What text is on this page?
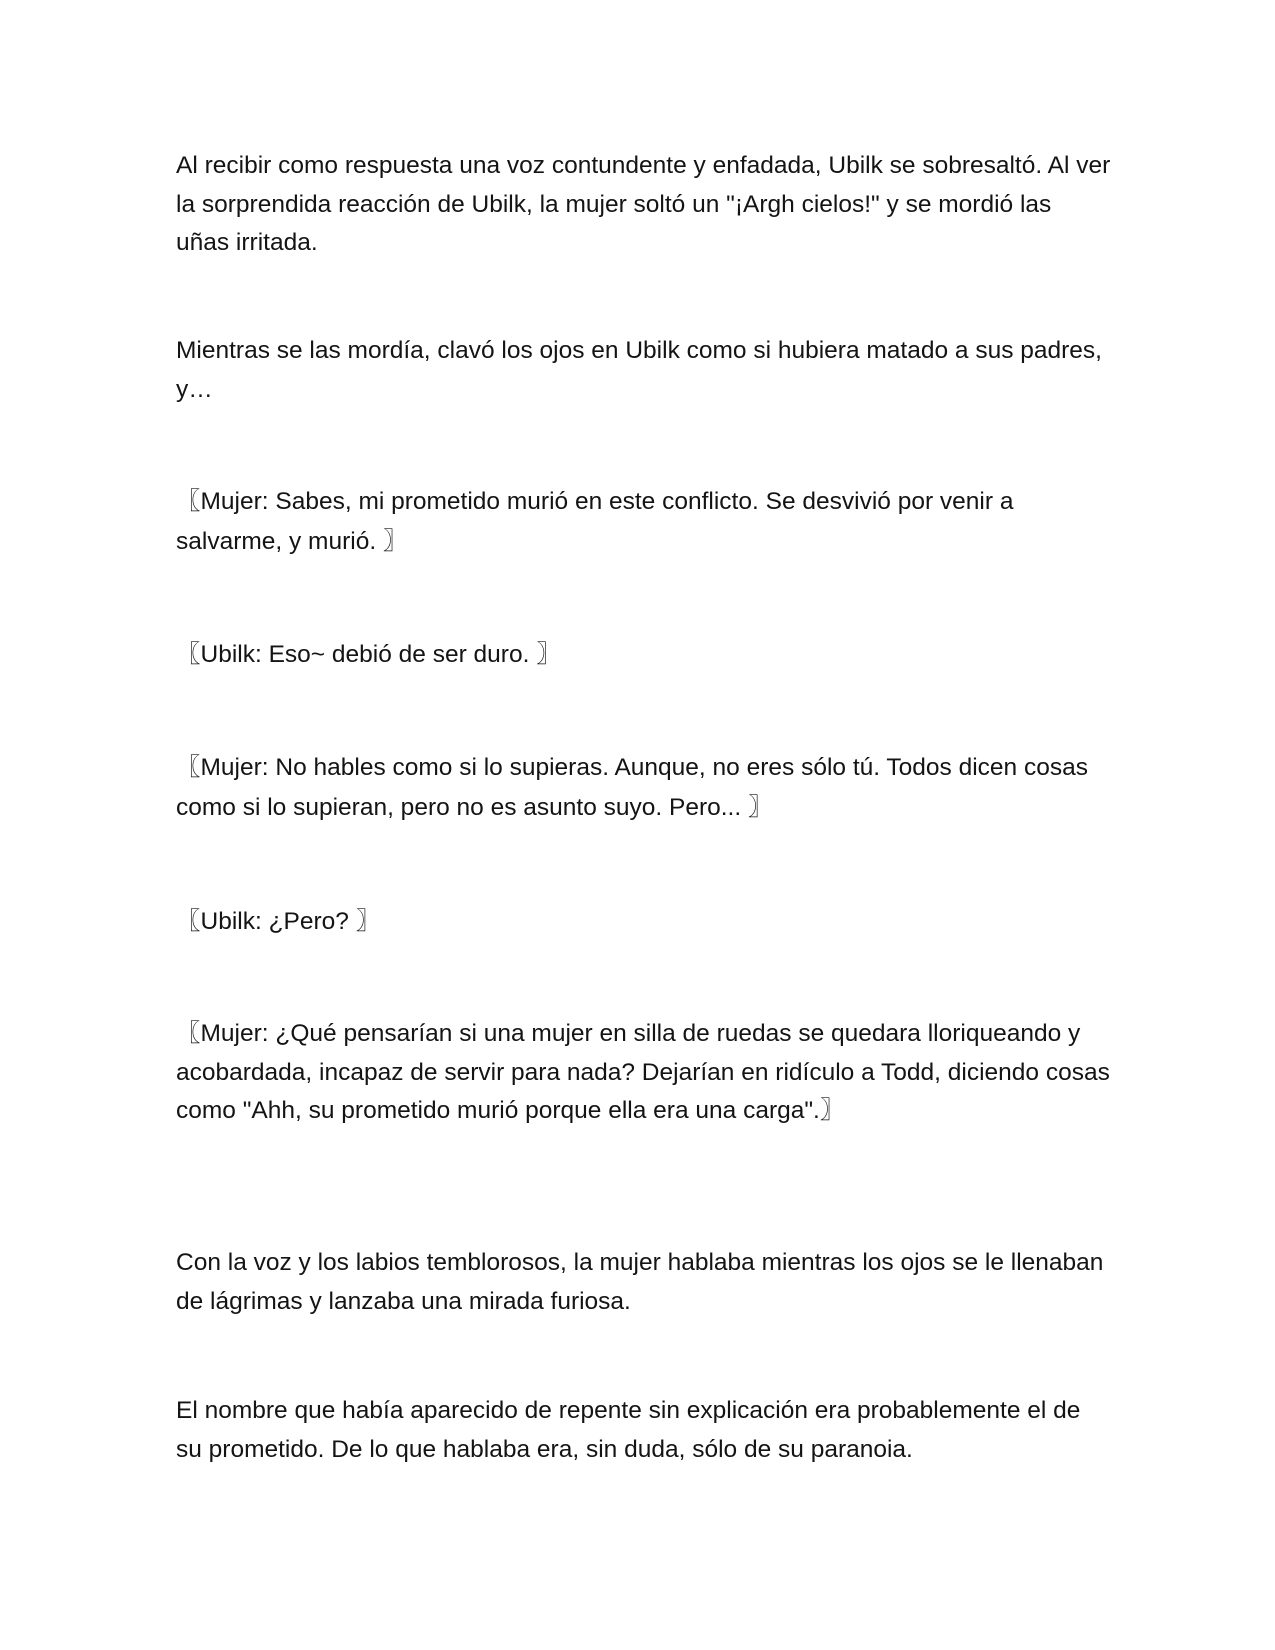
Al recibir como respuesta una voz contundente y enfadada, Ubilk se sobresaltó. Al ver la sorprendida reacción de Ubilk, la mujer soltó un "¡Argh cielos!" y se mordió las uñas irritada.

Mientras se las mordía, clavó los ojos en Ubilk como si hubiera matado a sus padres, y…

〖Mujer: Sabes, mi prometido murió en este conflicto. Se desvivió por venir a salvarme, y murió. 〗

〖Ubilk: Eso~ debió de ser duro. 〗

〖Mujer: No hables como si lo supieras. Aunque, no eres sólo tú. Todos dicen cosas como si lo supieran, pero no es asunto suyo. Pero... 〗

〖Ubilk: ¿Pero? 〗

〖Mujer: ¿Qué pensarían si una mujer en silla de ruedas se quedara lloriqueando y acobardada, incapaz de servir para nada? Dejarían en ridículo a Todd, diciendo cosas como "Ahh, su prometido murió porque ella era una carga".〗

Con la voz y los labios temblorosos, la mujer hablaba mientras los ojos se le llenaban de lágrimas y lanzaba una mirada furiosa.

El nombre que había aparecido de repente sin explicación era probablemente el de su prometido. De lo que hablaba era, sin duda, sólo de su paranoia.
